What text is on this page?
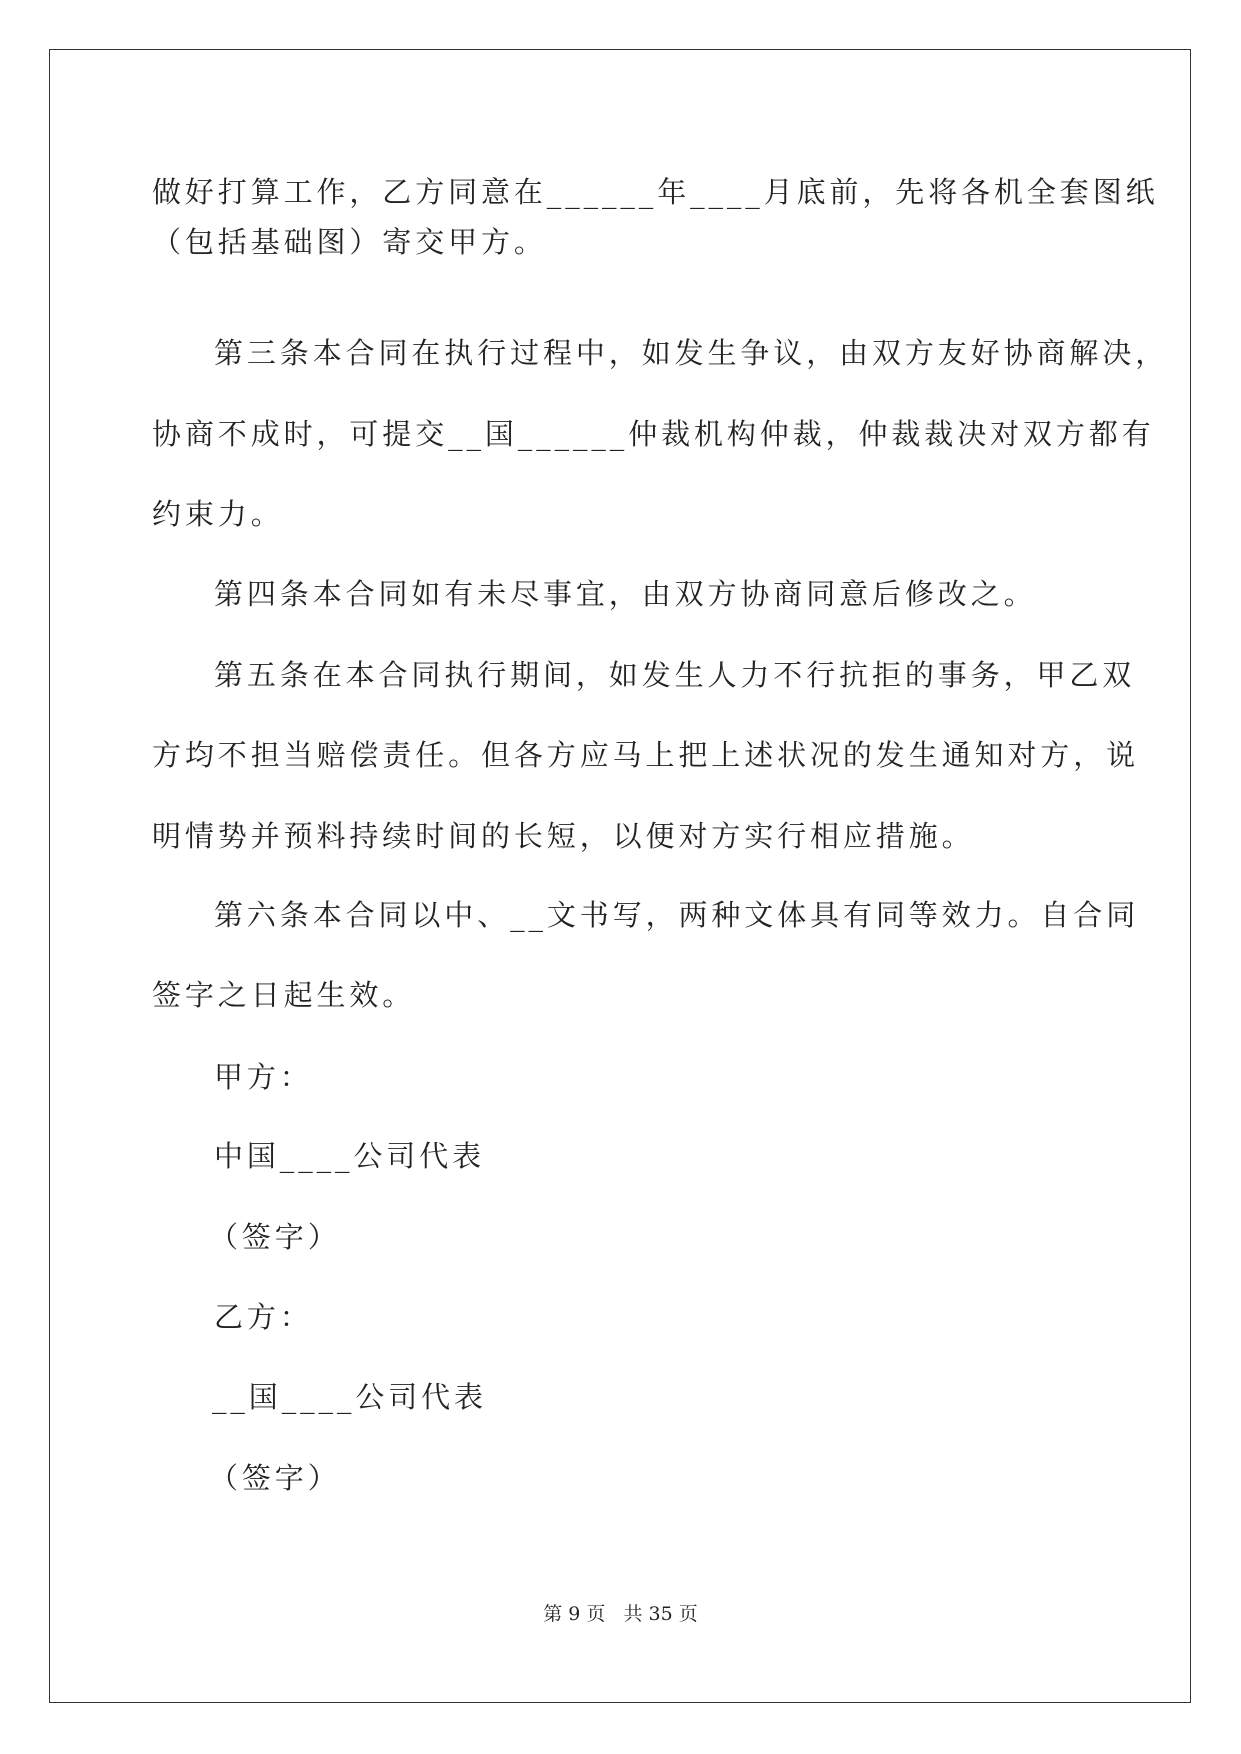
做好打算工作，乙方同意在______年____月底前，先将各机全套图纸
（包括基础图）寄交甲方。
第三条本合同在执行过程中，如发生争议，由双方友好协商解决，
协商不成时，可提交__国______仲裁机构仲裁，仲裁裁决对双方都有
约束力。
第四条本合同如有未尽事宜，由双方协商同意后修改之。
第五条在本合同执行期间，如发生人力不行抗拒的事务，甲乙双
方均不担当赔偿责任。但各方应马上把上述状况的发生通知对方，说
明情势并预料持续时间的长短，以便对方实行相应措施。
第六条本合同以中、__文书写，两种文体具有同等效力。自合同
签字之日起生效。
甲方：
中国____公司代表
（签字）
乙方：
__国____公司代表
（签字）
第 9 页   共 35 页
